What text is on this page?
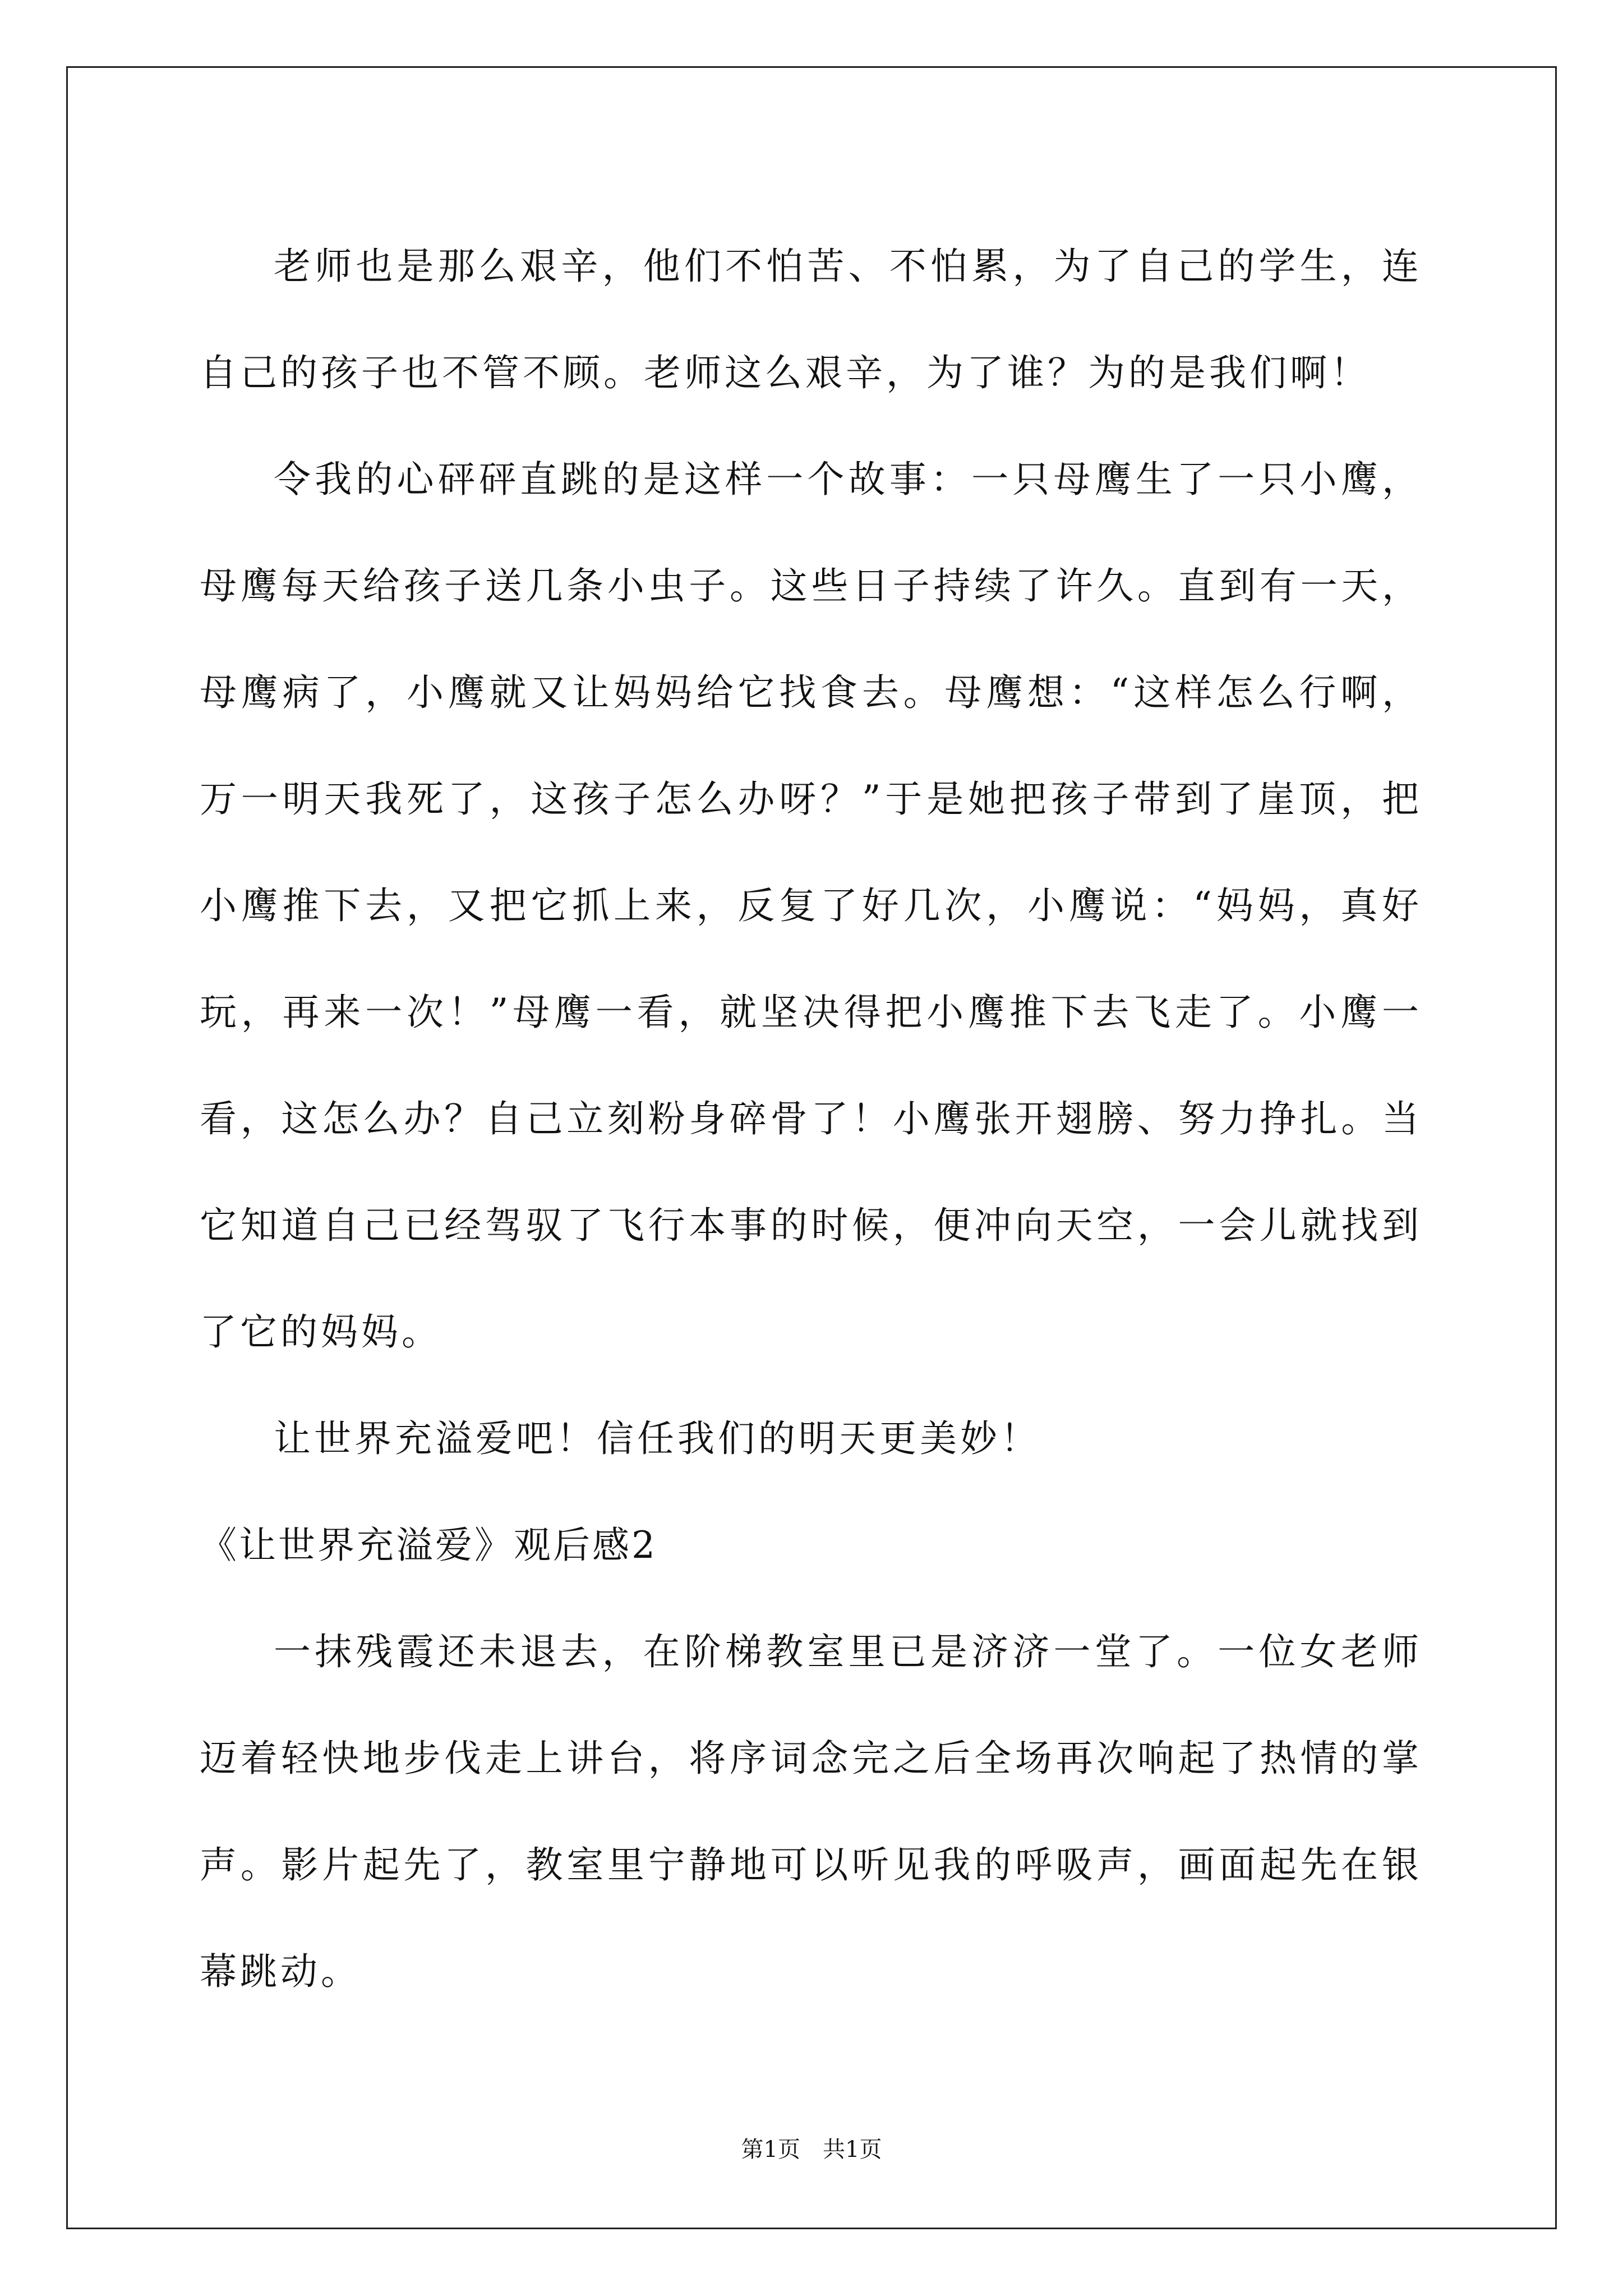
老师也是那么艰辛，他们不怕苦、不怕累，为了自己的学生，连自己的孩子也不管不顾。老师这么艰辛，为了谁？为的是我们啊！

令我的心砰砰直跳的是这样一个故事：一只母鹰生了一只小鹰，母鹰每天给孩子送几条小虫子。这些日子持续了许久。直到有一天，母鹰病了，小鹰就又让妈妈给它找食去。母鹰想：“这样怎么行啊，万一明天我死了，这孩子怎么办呀？”于是她把孩子带到了崖顶，把小鹰推下去，又把它抓上来，反复了好几次，小鹰说：“妈妈，真好玩，再来一次！”母鹰一看，就坚决得把小鹰推下去飞走了。小鹰一看，这怎么办？自己立刻粉身碎骨了！小鹰张开翅膀、努力挣扎。当它知道自己已经驾驭了飞行本事的时候，便冲向天空，一会儿就找到了它的妈妈。

让世界充溢爱吧！信任我们的明天更美妙！

《让世界充溢爱》观后感2

一抹残霞还未退去，在阶梯教室里已是济济一堂了。一位女老师迈着轻快地步伐走上讲台，将序词念完之后全场再次响起了热情的掌声。影片起先了，教室里宁静地可以听见我的呼吸声，画面起先在银幕跳动。

第1页　共1页
